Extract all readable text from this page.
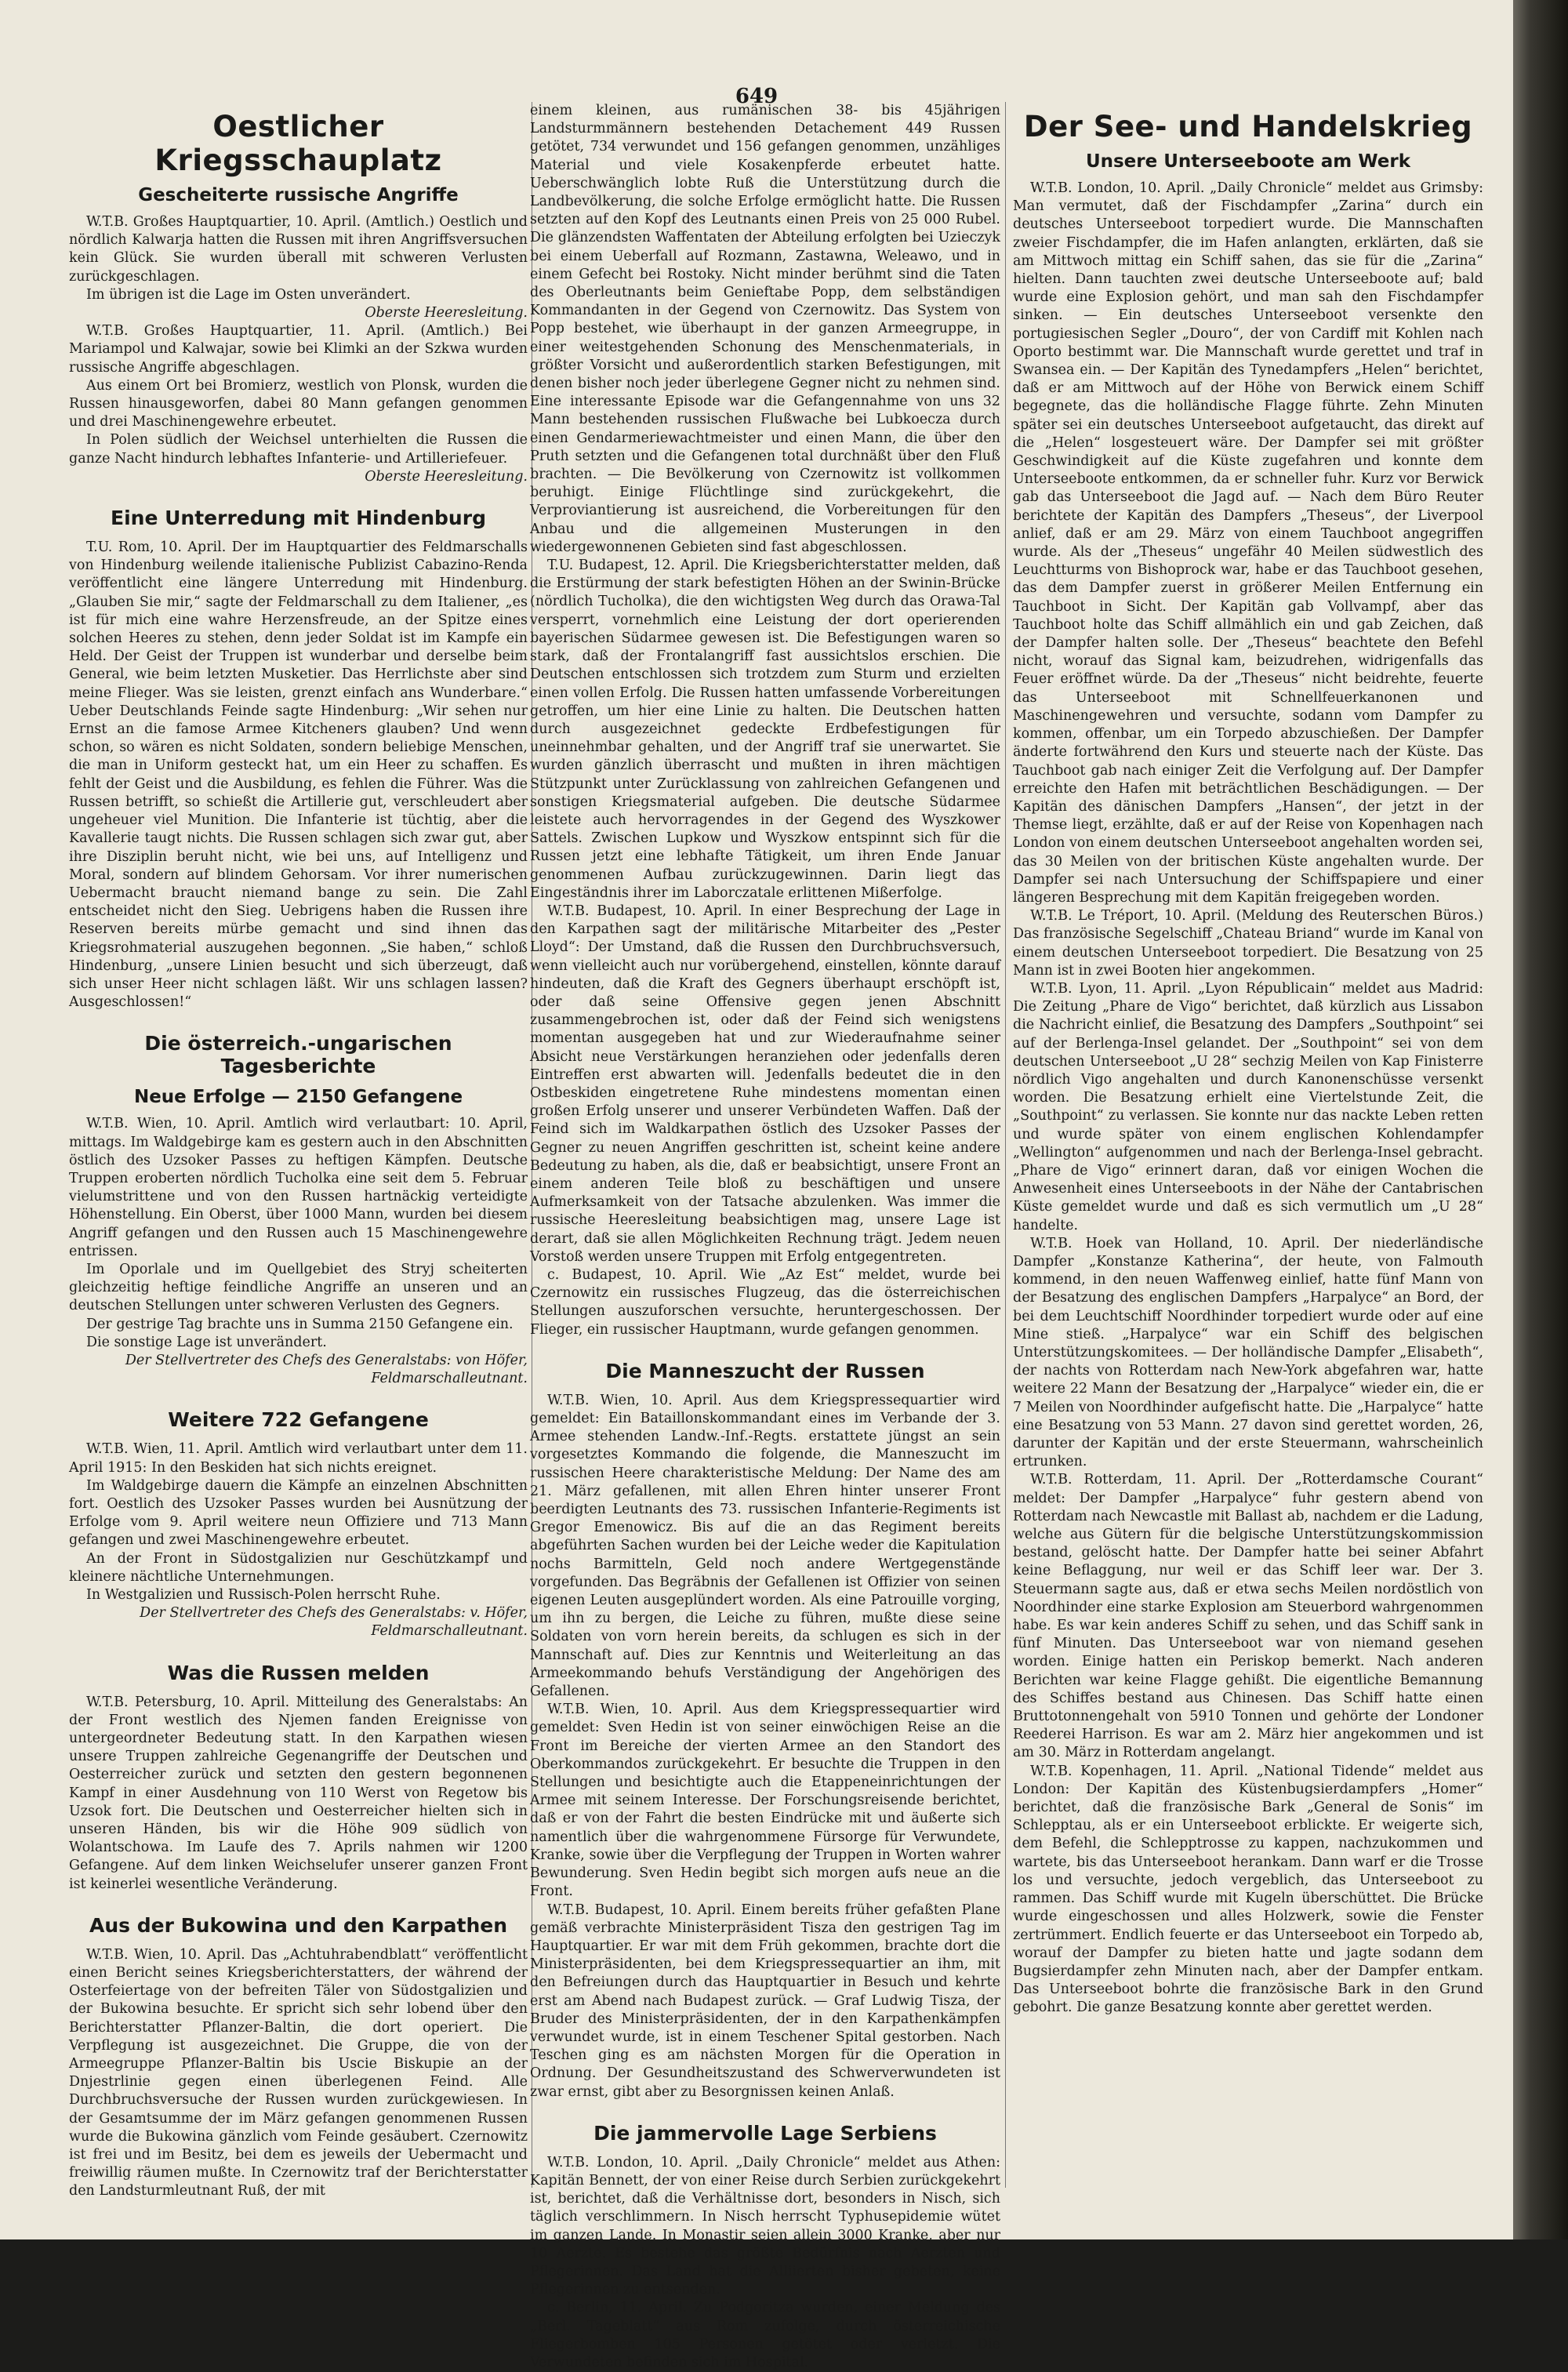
649
Oestlicher Kriegsschauplatz
Gescheiterte russische Angriffe

W.T.B. Großes Hauptquartier, 10. April. (Amtlich.) Oestlich und nördlich Kalwarja hatten die Russen mit ihren Angriffsversuchen kein Glück. Sie wurden überall mit schweren Verlusten zurückgeschlagen.

Im übrigen ist die Lage im Osten unverändert.

Oberste Heeresleitung.

W.T.B. Großes Hauptquartier, 11. April. (Amtlich.) Bei Mariampol und Kalwajar, sowie bei Klimki an der Szkwa wurden russische Angriffe abgeschlagen.

Aus einem Ort bei Bromierz, westlich von Plonsk, wurden die Russen hinausgeworfen, dabei 80 Mann gefangen genommen und drei Maschinengewehre erbeutet.

In Polen südlich der Weichsel unterhielten die Russen die ganze Nacht hindurch lebhaftes Infanterie- und Artilleriefeuer.

Oberste Heeresleitung.

Eine Unterredung mit Hindenburg

T.U. Rom, 10. April. Der im Hauptquartier des Feldmarschalls von Hindenburg weilende italienische Publizist Cabazino-Renda veröffentlicht eine längere Unterredung mit Hindenburg. „Glauben Sie mir,“ sagte der Feldmarschall zu dem Italiener, „es ist für mich eine wahre Herzensfreude, an der Spitze eines solchen Heeres zu stehen, denn jeder Soldat ist im Kampfe ein Held. Der Geist der Truppen ist wunderbar und derselbe beim General, wie beim letzten Musketier. Das Herrlichste aber sind meine Flieger. Was sie leisten, grenzt einfach ans Wunderbare.“ Ueber Deutschlands Feinde sagte Hindenburg: „Wir sehen nur Ernst an die famose Armee Kitcheners glauben? Und wenn schon, so wären es nicht Soldaten, sondern beliebige Menschen, die man in Uniform gesteckt hat, um ein Heer zu schaffen. Es fehlt der Geist und die Ausbildung, es fehlen die Führer. Was die Russen betrifft, so schießt die Artillerie gut, verschleudert aber ungeheuer viel Munition. Die Infanterie ist tüchtig, aber die Kavallerie taugt nichts. Die Russen schlagen sich zwar gut, aber ihre Disziplin beruht nicht, wie bei uns, auf Intelligenz und Moral, sondern auf blindem Gehorsam. Vor ihrer numerischen Uebermacht braucht niemand bange zu sein. Die Zahl entscheidet nicht den Sieg. Uebrigens haben die Russen ihre Reserven bereits mürbe gemacht und sind ihnen das Kriegsrohmaterial auszugehen begonnen. „Sie haben,“ schloß Hindenburg, „unsere Linien besucht und sich überzeugt, daß sich unser Heer nicht schlagen läßt. Wir uns schlagen lassen? Ausgeschlossen!“

Die österreich.-ungarischen Tagesberichte
Neue Erfolge — 2150 Gefangene

W.T.B. Wien, 10. April. Amtlich wird verlautbart: 10. April, mittags. Im Waldgebirge kam es gestern auch in den Abschnitten östlich des Uzsoker Passes zu heftigen Kämpfen. Deutsche Truppen eroberten nördlich Tucholka eine seit dem 5. Februar vielumstrittene und von den Russen hartnäckig verteidigte Höhenstellung. Ein Oberst, über 1000 Mann, wurden bei diesem Angriff gefangen und den Russen auch 15 Maschinengewehre entrissen.

Im Oporlale und im Quellgebiet des Stryj scheiterten gleichzeitig heftige feindliche Angriffe an unseren und an deutschen Stellungen unter schweren Verlusten des Gegners.

Der gestrige Tag brachte uns in Summa 2150 Gefangene ein.

Die sonstige Lage ist unverändert.

Der Stellvertreter des Chefs des Generalstabs: von Höfer, Feldmarschalleutnant.

Weitere 722 Gefangene

W.T.B. Wien, 11. April. Amtlich wird verlautbart unter dem 11. April 1915: In den Beskiden hat sich nichts ereignet.

Im Waldgebirge dauern die Kämpfe an einzelnen Abschnitten fort. Oestlich des Uzsoker Passes wurden bei Ausnützung der Erfolge vom 9. April weitere neun Offiziere und 713 Mann gefangen und zwei Maschinengewehre erbeutet.

An der Front in Südostgalizien nur Geschützkampf und kleinere nächtliche Unternehmungen.

In Westgalizien und Russisch-Polen herrscht Ruhe.

Der Stellvertreter des Chefs des Generalstabs: v. Höfer, Feldmarschalleutnant.

Was die Russen melden

W.T.B. Petersburg, 10. April. Mitteilung des Generalstabs: An der Front westlich des Njemen fanden Ereignisse von untergeordneter Bedeutung statt. In den Karpathen wiesen unsere Truppen zahlreiche Gegenangriffe der Deutschen und Oesterreicher zurück und setzten den gestern begonnenen Kampf in einer Ausdehnung von 110 Werst von Regetow bis Uzsok fort. Die Deutschen und Oesterreicher hielten sich in unseren Händen, bis wir die Höhe 909 südlich von Wolantschowa. Im Laufe des 7. Aprils nahmen wir 1200 Gefangene. Auf dem linken Weichselufer unserer ganzen Front ist keinerlei wesentliche Veränderung.

Aus der Bukowina und den Karpathen

W.T.B. Wien, 10. April. Das „Achtuhrabendblatt“ veröffentlicht einen Bericht seines Kriegsberichterstatters, der während der Osterfeiertage von der befreiten Täler von Südostgalizien und der Bukowina besuchte. Er spricht sich sehr lobend über den Berichterstatter Pflanzer-Baltin, die dort operiert. Die Verpflegung ist ausgezeichnet. Die Gruppe, die von der Armeegruppe Pflanzer-Baltin bis Uscie Biskupie an der Dnjestrlinie gegen einen überlegenen Feind. Alle Durchbruchsversuche der Russen wurden zurückgewiesen. In der Gesamtsumme der im März gefangen genommenen Russen wurde die Bukowina gänzlich vom Feinde gesäubert. Czernowitz ist frei und im Besitz, bei dem es jeweils der Uebermacht und freiwillig räumen mußte. In Czernowitz traf der Berichterstatter den Landsturmleutnant Ruß, der mit

einem kleinen, aus rumänischen 38- bis 45jährigen Landsturmmännern bestehenden Detachement 449 Russen getötet, 734 verwundet und 156 gefangen genommen, unzähliges Material und viele Kosakenpferde erbeutet hatte. Ueberschwänglich lobte Ruß die Unterstützung durch die Landbevölkerung, die solche Erfolge ermöglicht hatte. Die Russen setzten auf den Kopf des Leutnants einen Preis von 25 000 Rubel. Die glänzendsten Waffentaten der Abteilung erfolgten bei Uzieczyk bei einem Ueberfall auf Rozmann, Zastawna, Weleawo, und in einem Gefecht bei Rostoky. Nicht minder berühmt sind die Taten des Oberleutnants beim Genieftabe Popp, dem selbständigen Kommandanten in der Gegend von Czernowitz. Das System von Popp bestehet, wie überhaupt in der ganzen Armeegruppe, in einer weitestgehenden Schonung des Menschenmaterials, in größter Vorsicht und außerordentlich starken Befestigungen, mit denen bisher noch jeder überlegene Gegner nicht zu nehmen sind. Eine interessante Episode war die Gefangennahme von uns 32 Mann bestehenden russischen Flußwache bei Lubkoecza durch einen Gendarmeriewachtmeister und einen Mann, die über den Pruth setzten und die Gefangenen total durchnäßt über den Fluß brachten. — Die Bevölkerung von Czernowitz ist vollkommen beruhigt. Einige Flüchtlinge sind zurückgekehrt, die Verproviantierung ist ausreichend, die Vorbereitungen für den Anbau und die allgemeinen Musterungen in den wiedergewonnenen Gebieten sind fast abgeschlossen.

T.U. Budapest, 12. April. Die Kriegsberichterstatter melden, daß die Erstürmung der stark befestigten Höhen an der Swinin-Brücke (nördlich Tucholka), die den wichtigsten Weg durch das Orawa-Tal versperrt, vornehmlich eine Leistung der dort operierenden bayerischen Südarmee gewesen ist. Die Befestigungen waren so stark, daß der Frontalangriff fast aussichtslos erschien. Die Deutschen entschlossen sich trotzdem zum Sturm und erzielten einen vollen Erfolg. Die Russen hatten umfassende Vorbereitungen getroffen, um hier eine Linie zu halten. Die Deutschen hatten durch ausgezeichnet gedeckte Erdbefestigungen für uneinnehmbar gehalten, und der Angriff traf sie unerwartet. Sie wurden gänzlich überrascht und mußten in ihren mächtigen Stützpunkt unter Zurücklassung von zahlreichen Gefangenen und sonstigen Kriegsmaterial aufgeben. Die deutsche Südarmee leistete auch hervorragendes in der Gegend des Wyszkower Sattels. Zwischen Lupkow und Wyszkow entspinnt sich für die Russen jetzt eine lebhafte Tätigkeit, um ihren Ende Januar genommenen Aufbau zurückzugewinnen. Darin liegt das Eingeständnis ihrer im Laborczatale erlittenen Mißerfolge.

W.T.B. Budapest, 10. April. In einer Besprechung der Lage in den Karpathen sagt der militärische Mitarbeiter des „Pester Lloyd“: Der Umstand, daß die Russen den Durchbruchsversuch, wenn vielleicht auch nur vorübergehend, einstellen, könnte darauf hindeuten, daß die Kraft des Gegners überhaupt erschöpft ist, oder daß seine Offensive gegen jenen Abschnitt zusammengebrochen ist, oder daß der Feind sich wenigstens momentan ausgegeben hat und zur Wiederaufnahme seiner Absicht neue Verstärkungen heranziehen oder jedenfalls deren Eintreffen erst abwarten will. Jedenfalls bedeutet die in den Ostbeskiden eingetretene Ruhe mindestens momentan einen großen Erfolg unserer und unserer Verbündeten Waffen. Daß der Feind sich im Waldkarpathen östlich des Uzsoker Passes der Gegner zu neuen Angriffen geschritten ist, scheint keine andere Bedeutung zu haben, als die, daß er beabsichtigt, unsere Front an einem anderen Teile bloß zu beschäftigen und unsere Aufmerksamkeit von der Tatsache abzulenken. Was immer die russische Heeresleitung beabsichtigen mag, unsere Lage ist derart, daß sie allen Möglichkeiten Rechnung trägt. Jedem neuen Vorstoß werden unsere Truppen mit Erfolg entgegentreten.

c. Budapest, 10. April. Wie „Az Est“ meldet, wurde bei Czernowitz ein russisches Flugzeug, das die österreichischen Stellungen auszuforschen versuchte, heruntergeschossen. Der Flieger, ein russischer Hauptmann, wurde gefangen genommen.

Die Manneszucht der Russen

W.T.B. Wien, 10. April. Aus dem Kriegspressequartier wird gemeldet: Ein Bataillonskommandant eines im Verbande der 3. Armee stehenden Landw.-Inf.-Regts. erstattete jüngst an sein vorgesetztes Kommando die folgende, die Manneszucht im russischen Heere charakteristische Meldung: Der Name des am 21. März gefallenen, mit allen Ehren hinter unserer Front beerdigten Leutnants des 73. russischen Infanterie-Regiments ist Gregor Emenowicz. Bis auf die an das Regiment bereits abgeführten Sachen wurden bei der Leiche weder die Kapitulation nochs Barmitteln, Geld noch andere Wertgegenstände vorgefunden. Das Begräbnis der Gefallenen ist Offizier von seinen eigenen Leuten ausgeplündert worden. Als eine Patrouille vorging, um ihn zu bergen, die Leiche zu führen, mußte diese seine Soldaten von vorn herein bereits, da schlugen es sich in der Mannschaft auf. Dies zur Kenntnis und Weiterleitung an das Armeekommando behufs Verständigung der Angehörigen des Gefallenen.

W.T.B. Wien, 10. April. Aus dem Kriegspressequartier wird gemeldet: Sven Hedin ist von seiner einwöchigen Reise an die Front im Bereiche der vierten Armee an den Standort des Oberkommandos zurückgekehrt. Er besuchte die Truppen in den Stellungen und besichtigte auch die Etappeneinrichtungen der Armee mit seinem Interesse. Der Forschungsreisende berichtet, daß er von der Fahrt die besten Eindrücke mit und äußerte sich namentlich über die wahrgenommene Fürsorge für Verwundete, Kranke, sowie über die Verpflegung der Truppen in Worten wahrer Bewunderung. Sven Hedin begibt sich morgen aufs neue an die Front.

W.T.B. Budapest, 10. April. Einem bereits früher gefaßten Plane gemäß verbrachte Ministerpräsident Tisza den gestrigen Tag im Hauptquartier. Er war mit dem Früh gekommen, brachte dort die Ministerpräsidenten, bei dem Kriegspressequartier an ihm, mit den Befreiungen durch das Hauptquartier in Besuch und kehrte erst am Abend nach Budapest zurück. — Graf Ludwig Tisza, der Bruder des Ministerpräsidenten, der in den Karpathenkämpfen verwundet wurde, ist in einem Teschener Spital gestorben. Nach Teschen ging es am nächsten Morgen für die Operation in Ordnung. Der Gesundheitszustand des Schwerverwundeten ist zwar ernst, gibt aber zu Besorgnissen keinen Anlaß.

Die jammervolle Lage Serbiens

W.T.B. London, 10. April. „Daily Chronicle“ meldet aus Athen: Kapitän Bennett, der von einer Reise durch Serbien zurückgekehrt ist, berichtet, daß die Verhältnisse dort, besonders in Nisch, sich täglich verschlimmern. In Nisch herrscht Typhusepidemie wütet im ganzen Lande. In Monastir seien allein 3000 Kranke, aber nur 10 Aerzte. Es bestehe das größte Bedürfnis nach Aerzten und Pflegerinnen. Das Land hat die Alliierten bisher gebeten, keine Pflegerinnen zu entsenden.

c. Berlin, 11. April. Zu Podgoritza wurden, einer Meldung des „Berl. Tageblatt“ aus Rom zufolge, durch österreichische Fliegerbomben 105 Personen getötet oder verletzt. Die Verwundeten befinden sich im Hospital.

Der See- und Handelskrieg
Unsere Unterseeboote am Werk

W.T.B. London, 10. April. „Daily Chronicle“ meldet aus Grimsby: Man vermutet, daß der Fischdampfer „Zarina“ durch ein deutsches Unterseeboot torpediert wurde. Die Mannschaften zweier Fischdampfer, die im Hafen anlangten, erklärten, daß sie am Mittwoch mittag ein Schiff sahen, das sie für die „Zarina“ hielten. Dann tauchten zwei deutsche Unterseeboote auf; bald wurde eine Explosion gehört, und man sah den Fischdampfer sinken. — Ein deutsches Unterseeboot versenkte den portugiesischen Segler „Douro“, der von Cardiff mit Kohlen nach Oporto bestimmt war. Die Mannschaft wurde gerettet und traf in Swansea ein. — Der Kapitän des Tynedampfers „Helen“ berichtet, daß er am Mittwoch auf der Höhe von Berwick einem Schiff begegnete, das die holländische Flagge führte. Zehn Minuten später sei ein deutsches Unterseeboot aufgetaucht, das direkt auf die „Helen“ losgesteuert wäre. Der Dampfer sei mit größter Geschwindigkeit auf die Küste zugefahren und konnte dem Unterseeboote entkommen, da er schneller fuhr. Kurz vor Berwick gab das Unterseeboot die Jagd auf. — Nach dem Büro Reuter berichtete der Kapitän des Dampfers „Theseus“, der Liverpool anlief, daß er am 29. März von einem Tauchboot angegriffen wurde. Als der „Theseus“ ungefähr 40 Meilen südwestlich des Leuchtturms von Bishoprock war, habe er das Tauchboot gesehen, das dem Dampfer zuerst in größerer Meilen Entfernung ein Tauchboot in Sicht. Der Kapitän gab Vollvampf, aber das Tauchboot holte das Schiff allmählich ein und gab Zeichen, daß der Dampfer halten solle. Der „Theseus“ beachtete den Befehl nicht, worauf das Signal kam, beizudrehen, widrigenfalls das Feuer eröffnet würde. Da der „Theseus“ nicht beidrehte, feuerte das Unterseeboot mit Schnellfeuerkanonen und Maschinengewehren und versuchte, sodann vom Dampfer zu kommen, offenbar, um ein Torpedo abzuschießen. Der Dampfer änderte fortwährend den Kurs und steuerte nach der Küste. Das Tauchboot gab nach einiger Zeit die Verfolgung auf. Der Dampfer erreichte den Hafen mit beträchtlichen Beschädigungen. — Der Kapitän des dänischen Dampfers „Hansen“, der jetzt in der Themse liegt, erzählte, daß er auf der Reise von Kopenhagen nach London von einem deutschen Unterseeboot angehalten worden sei, das 30 Meilen von der britischen Küste angehalten wurde. Der Dampfer sei nach Untersuchung der Schiffspapiere und einer längeren Besprechung mit dem Kapitän freigegeben worden.

W.T.B. Le Tréport, 10. April. (Meldung des Reuterschen Büros.) Das französische Segelschiff „Chateau Briand“ wurde im Kanal von einem deutschen Unterseeboot torpediert. Die Besatzung von 25 Mann ist in zwei Booten hier angekommen.

W.T.B. Lyon, 11. April. „Lyon Républicain“ meldet aus Madrid: Die Zeitung „Phare de Vigo“ berichtet, daß kürzlich aus Lissabon die Nachricht einlief, die Besatzung des Dampfers „Southpoint“ sei auf der Berlenga-Insel gelandet. Der „Southpoint“ sei von dem deutschen Unterseeboot „U 28“ sechzig Meilen von Kap Finisterre nördlich Vigo angehalten und durch Kanonenschüsse versenkt worden. Die Besatzung erhielt eine Viertelstunde Zeit, die „Southpoint“ zu verlassen. Sie konnte nur das nackte Leben retten und wurde später von einem englischen Kohlendampfer „Wellington“ aufgenommen und nach der Berlenga-Insel gebracht. „Phare de Vigo“ erinnert daran, daß vor einigen Wochen die Anwesenheit eines Unterseeboots in der Nähe der Cantabrischen Küste gemeldet wurde und daß es sich vermutlich um „U 28“ handelte.

W.T.B. Hoek van Holland, 10. April. Der niederländische Dampfer „Konstanze Katherina“, der heute, von Falmouth kommend, in den neuen Waffenweg einlief, hatte fünf Mann von der Besatzung des englischen Dampfers „Harpalyce“ an Bord, der bei dem Leuchtschiff Noordhinder torpediert wurde oder auf eine Mine stieß. „Harpalyce“ war ein Schiff des belgischen Unterstützungskomitees. — Der holländische Dampfer „Elisabeth“, der nachts von Rotterdam nach New-York abgefahren war, hatte weitere 22 Mann der Besatzung der „Harpalyce“ wieder ein, die er 7 Meilen von Noordhinder aufgefischt hatte. Die „Harpalyce“ hatte eine Besatzung von 53 Mann. 27 davon sind gerettet worden, 26, darunter der Kapitän und der erste Steuermann, wahrscheinlich ertrunken.

W.T.B. Rotterdam, 11. April. Der „Rotterdamsche Courant“ meldet: Der Dampfer „Harpalyce“ fuhr gestern abend von Rotterdam nach Newcastle mit Ballast ab, nachdem er die Ladung, welche aus Gütern für die belgische Unterstützungskommission bestand, gelöscht hatte. Der Dampfer hatte bei seiner Abfahrt keine Beflaggung, nur weil er das Schiff leer war. Der 3. Steuermann sagte aus, daß er etwa sechs Meilen nordöstlich von Noordhinder eine starke Explosion am Steuerbord wahrgenommen habe. Es war kein anderes Schiff zu sehen, und das Schiff sank in fünf Minuten. Das Unterseeboot war von niemand gesehen worden. Einige hatten ein Periskop bemerkt. Nach anderen Berichten war keine Flagge gehißt. Die eigentliche Bemannung des Schiffes bestand aus Chinesen. Das Schiff hatte einen Bruttotonnengehalt von 5910 Tonnen und gehörte der Londoner Reederei Harrison. Es war am 2. März hier angekommen und ist am 30. März in Rotterdam angelangt.

W.T.B. Kopenhagen, 11. April. „National Tidende“ meldet aus London: Der Kapitän des Küstenbugsierdampfers „Homer“ berichtet, daß die französische Bark „General de Sonis“ im Schlepptau, als er ein Unterseeboot erblickte. Er weigerte sich, dem Befehl, die Schlepptrosse zu kappen, nachzukommen und wartete, bis das Unterseeboot herankam. Dann warf er die Trosse los und versuchte, jedoch vergeblich, das Unterseeboot zu rammen. Das Schiff wurde mit Kugeln überschüttet. Die Brücke wurde eingeschossen und alles Holzwerk, sowie die Fenster zertrümmert. Endlich feuerte er das Unterseeboot ein Torpedo ab, worauf der Dampfer zu bieten hatte und jagte sodann dem Bugsierdampfer zehn Minuten nach, aber der Dampfer entkam. Das Unterseeboot bohrte die französische Bark in den Grund gebohrt. Die ganze Besatzung konnte aber gerettet werden.
